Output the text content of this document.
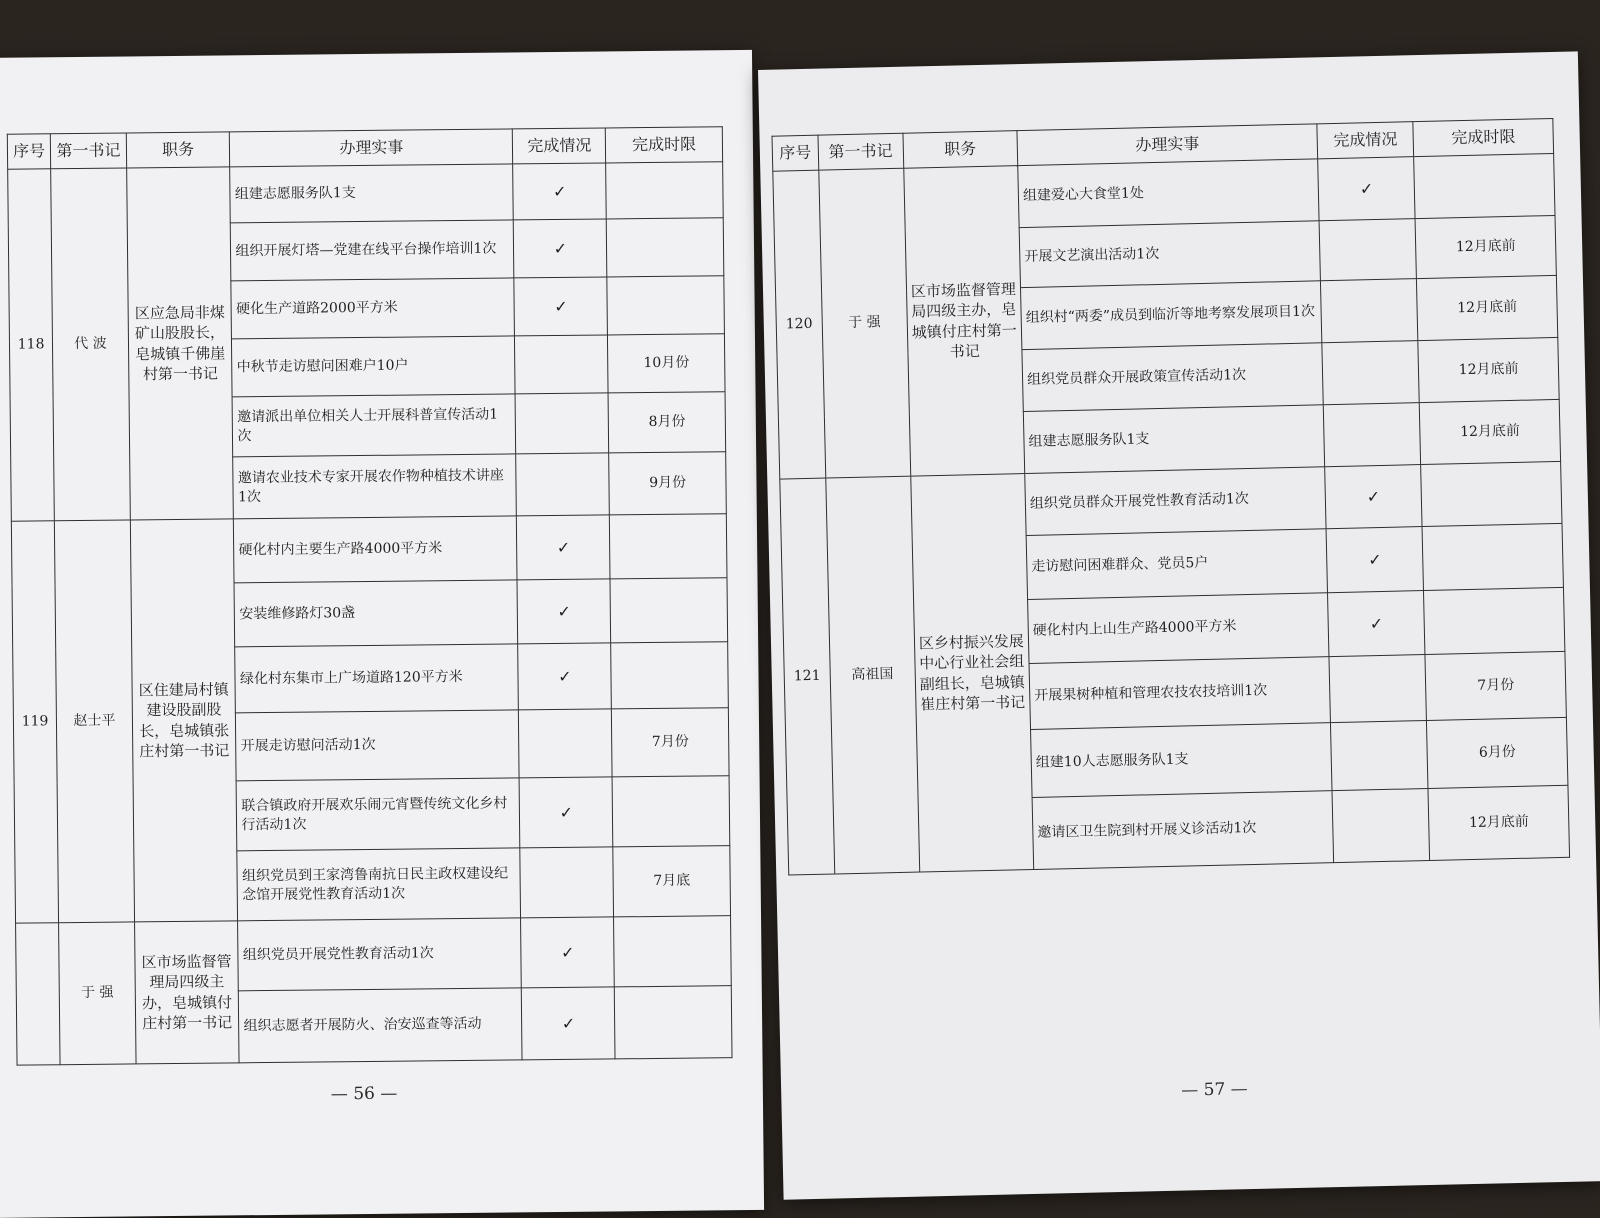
序号	第一书记	职务	办理实事	完成情况	完成时限
118	代 波	区应急局非煤矿山股股长，皂城镇千佛崖村第一书记	组建志愿服务队1支	✓	
			组织开展灯塔—党建在线平台操作培训1次	✓	
			硬化生产道路2000平方米	✓	
			中秋节走访慰问困难户10户		10月份
			邀请派出单位相关人士开展科普宣传活动1次		8月份
			邀请农业技术专家开展农作物种植技术讲座1次		9月份
119	赵士平	区住建局村镇建设股副股长，皂城镇张庄村第一书记	硬化村内主要生产路4000平方米	✓	
			安装维修路灯30盏	✓	
			绿化村东集市上广场道路120平方米	✓	
			开展走访慰问活动1次		7月份
			联合镇政府开展欢乐闹元宵暨传统文化乡村行活动1次	✓	
			组织党员到王家湾鲁南抗日民主政权建设纪念馆开展党性教育活动1次		7月底
	于 强	区市场监督管理局四级主办，皂城镇付庄村第一书记	组织党员开展党性教育活动1次	✓	
			组织志愿者开展防火、治安巡查等活动	✓	
— 56 —
序号	第一书记	职务	办理实事	完成情况	完成时限
120	于 强	区市场监督管理局四级主办，皂城镇付庄村第一书记	组建爱心大食堂1处	✓	
			开展文艺演出活动1次		12月底前
			组织村“两委”成员到临沂等地考察发展项目1次		12月底前
			组织党员群众开展政策宣传活动1次		12月底前
			组建志愿服务队1支		12月底前
121	高祖国	区乡村振兴发展中心行业社会组副组长，皂城镇崔庄村第一书记	组织党员群众开展党性教育活动1次	✓	
			走访慰问困难群众、党员5户	✓	
			硬化村内上山生产路4000平方米	✓	
			开展果树种植和管理农技农技培训1次		7月份
			组建10人志愿服务队1支		6月份
			邀请区卫生院到村开展义诊活动1次		12月底前
— 57 —
